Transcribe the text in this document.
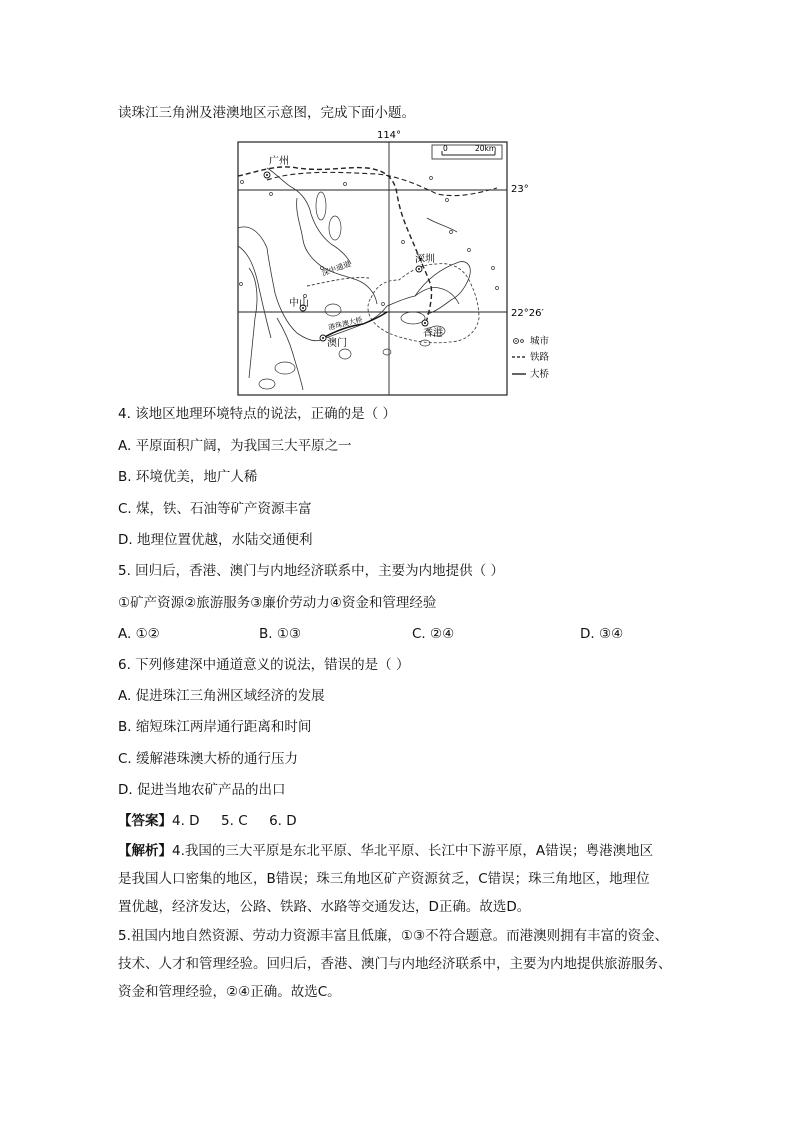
读珠江三角洲及港澳地区示意图，完成下面小题。
114°
23°
22°26′
0	20km
广州
深圳
中山
澳门
香港
深中通道
港珠澳大桥
城市
铁路
大桥
4. 该地区地理环境特点的说法，正确的是（ ）
A. 平原面积广阔，为我国三大平原之一
B. 环境优美，地广人稀
C. 煤，铁、石油等矿产资源丰富
D. 地理位置优越，水陆交通便利
5. 回归后，香港、澳门与内地经济联系中，主要为内地提供（ ）
①矿产资源②旅游服务③廉价劳动力④资金和管理经验
A. ①②	B. ①③	C. ②④	D. ③④
6. 下列修建深中通道意义的说法，错误的是（ ）
A. 促进珠江三角洲区域经济的发展
B. 缩短珠江两岸通行距离和时间
C. 缓解港珠澳大桥的通行压力
D. 促进当地农矿产品的出口
【答案】4. D     5. C     6. D
【解析】4.我国的三大平原是东北平原、华北平原、长江中下游平原，A错误；粤港澳地区
是我国人口密集的地区，B错误；珠三角地区矿产资源贫乏，C错误；珠三角地区，地理位
置优越，经济发达，公路、铁路、水路等交通发达，D正确。故选D。
5.祖国内地自然资源、劳动力资源丰富且低廉，①③不符合题意。而港澳则拥有丰富的资金、
技术、人才和管理经验。回归后，香港、澳门与内地经济联系中，主要为内地提供旅游服务、
资金和管理经验，②④正确。故选C。
